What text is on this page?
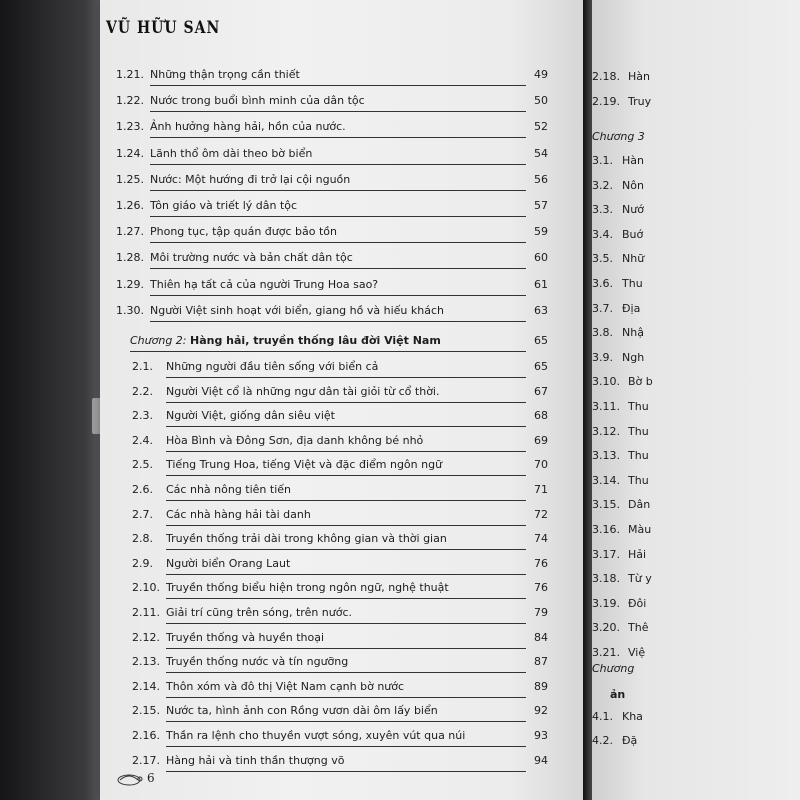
VŨ HỮU SAN
1.21. Những thận trọng cần thiết	49
1.22. Nước trong buổi bình minh của dân tộc	50
1.23. Ảnh hưởng hàng hải, hồn của nước.	52
1.24. Lãnh thổ ôm dài theo bờ biển	54
1.25. Nước: Một hướng đi trở lại cội nguồn	56
1.26. Tôn giáo và triết lý dân tộc	57
1.27. Phong tục, tập quán được bảo tồn	59
1.28. Môi trường nước và bản chất dân tộc	60
1.29. Thiên hạ tất cả của người Trung Hoa sao?	61
1.30. Người Việt sinh hoạt với biển, giang hồ và hiếu khách	63
Chương 2: Hàng hải, truyền thống lâu đời Việt Nam	65
2.1. Những người đầu tiên sống với biển cả	65
2.2. Người Việt cổ là những ngư dân tài giỏi từ cổ thời.	67
2.3. Người Việt, giống dân siêu việt	68
2.4. Hòa Bình và Đông Sơn, địa danh không bé nhỏ	69
2.5. Tiếng Trung Hoa, tiếng Việt và đặc điểm ngôn ngữ	70
2.6. Các nhà nông tiên tiến	71
2.7. Các nhà hàng hải tài danh	72
2.8. Truyền thống trải dài trong không gian và thời gian	74
2.9. Người biển Orang Laut	76
2.10. Truyền thống biểu hiện trong ngôn ngữ, nghệ thuật	76
2.11. Giải trí cũng trên sóng, trên nước.	79
2.12. Truyền thống và huyền thoại	84
2.13. Truyền thống nước và tín ngưỡng	87
2.14. Thôn xóm và đô thị Việt Nam cạnh bờ nước	89
2.15. Nước ta, hình ảnh con Rồng vươn dài ôm lấy biển	92
2.16. Thần ra lệnh cho thuyền vượt sóng, xuyên vút qua núi	93
2.17. Hàng hải và tinh thần thượng võ	94
6
2.18. Hàn
2.19. Truy
Chương 3
3.1. Hàn
3.2. Nôn
3.3. Nướ
3.4. Buớ
3.5. Nhữ
3.6. Thu
3.7. Địa
3.8. Nhậ
3.9. Ngh
3.10. Bờ b
3.11. Thu
3.12. Thu
3.13. Thu
3.14. Thu
3.15. Dân
3.16. Màu
3.17. Hải
3.18. Từ y
3.19. Đôi
3.20. Thê
3.21. Việ
Chương
ản
4.1. Kha
4.2. Đặ
